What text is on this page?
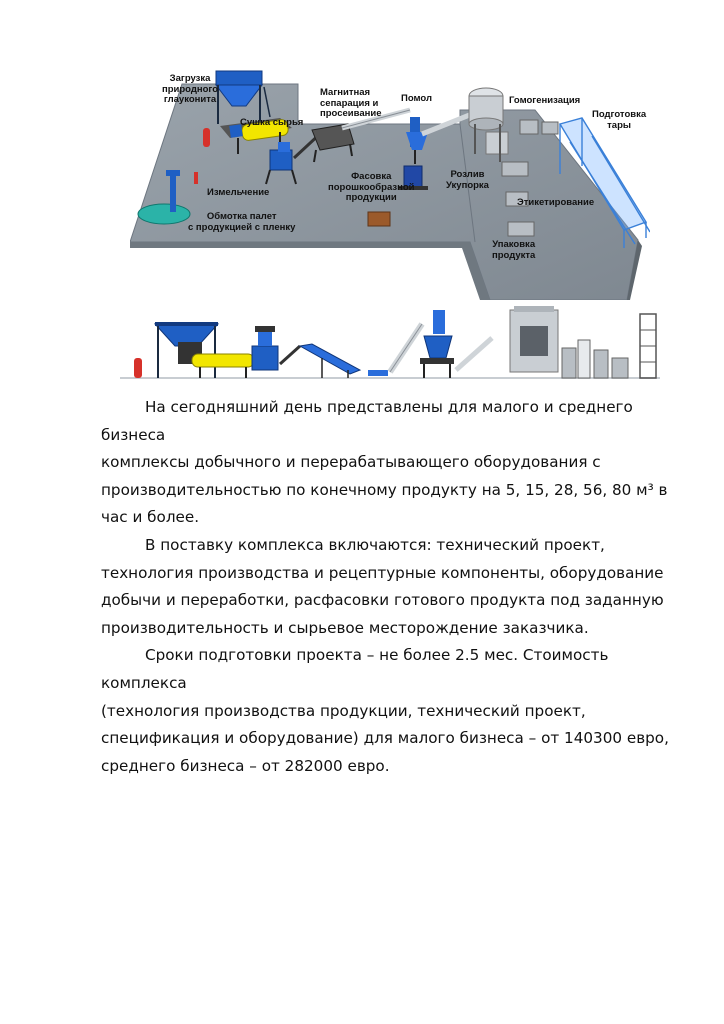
Загрузка
природного
глауконита
Сушка сырья
Магнитная
сепарация и
просеивание
Помол	Гомогенизация
Подготовка
тары
Измельчение
Фасовка
порошкообразной
продукции
Розлив
Укупорка
Этикетирование
Обмотка палет
с продукцией с пленку
Упаковка
продукта

На сегодняшний день представлены для малого и среднего бизнеса
комплексы добычного и перерабатывающего оборудования с
производительностью по конечному продукту на 5, 15, 28, 56, 80 м³ в
час и более.

В поставку комплекса включаются: технический проект,
технология производства и рецептурные компоненты, оборудование
добычи и переработки, расфасовки готового продукта под заданную
производительность и сырьевое месторождение заказчика.

Сроки подготовки проекта – не более 2.5 мес. Стоимость комплекса
(технология производства продукции, технический проект,
спецификация и оборудование) для малого бизнеса – от 140300 евро,
среднего бизнеса – от 282000 евро.
